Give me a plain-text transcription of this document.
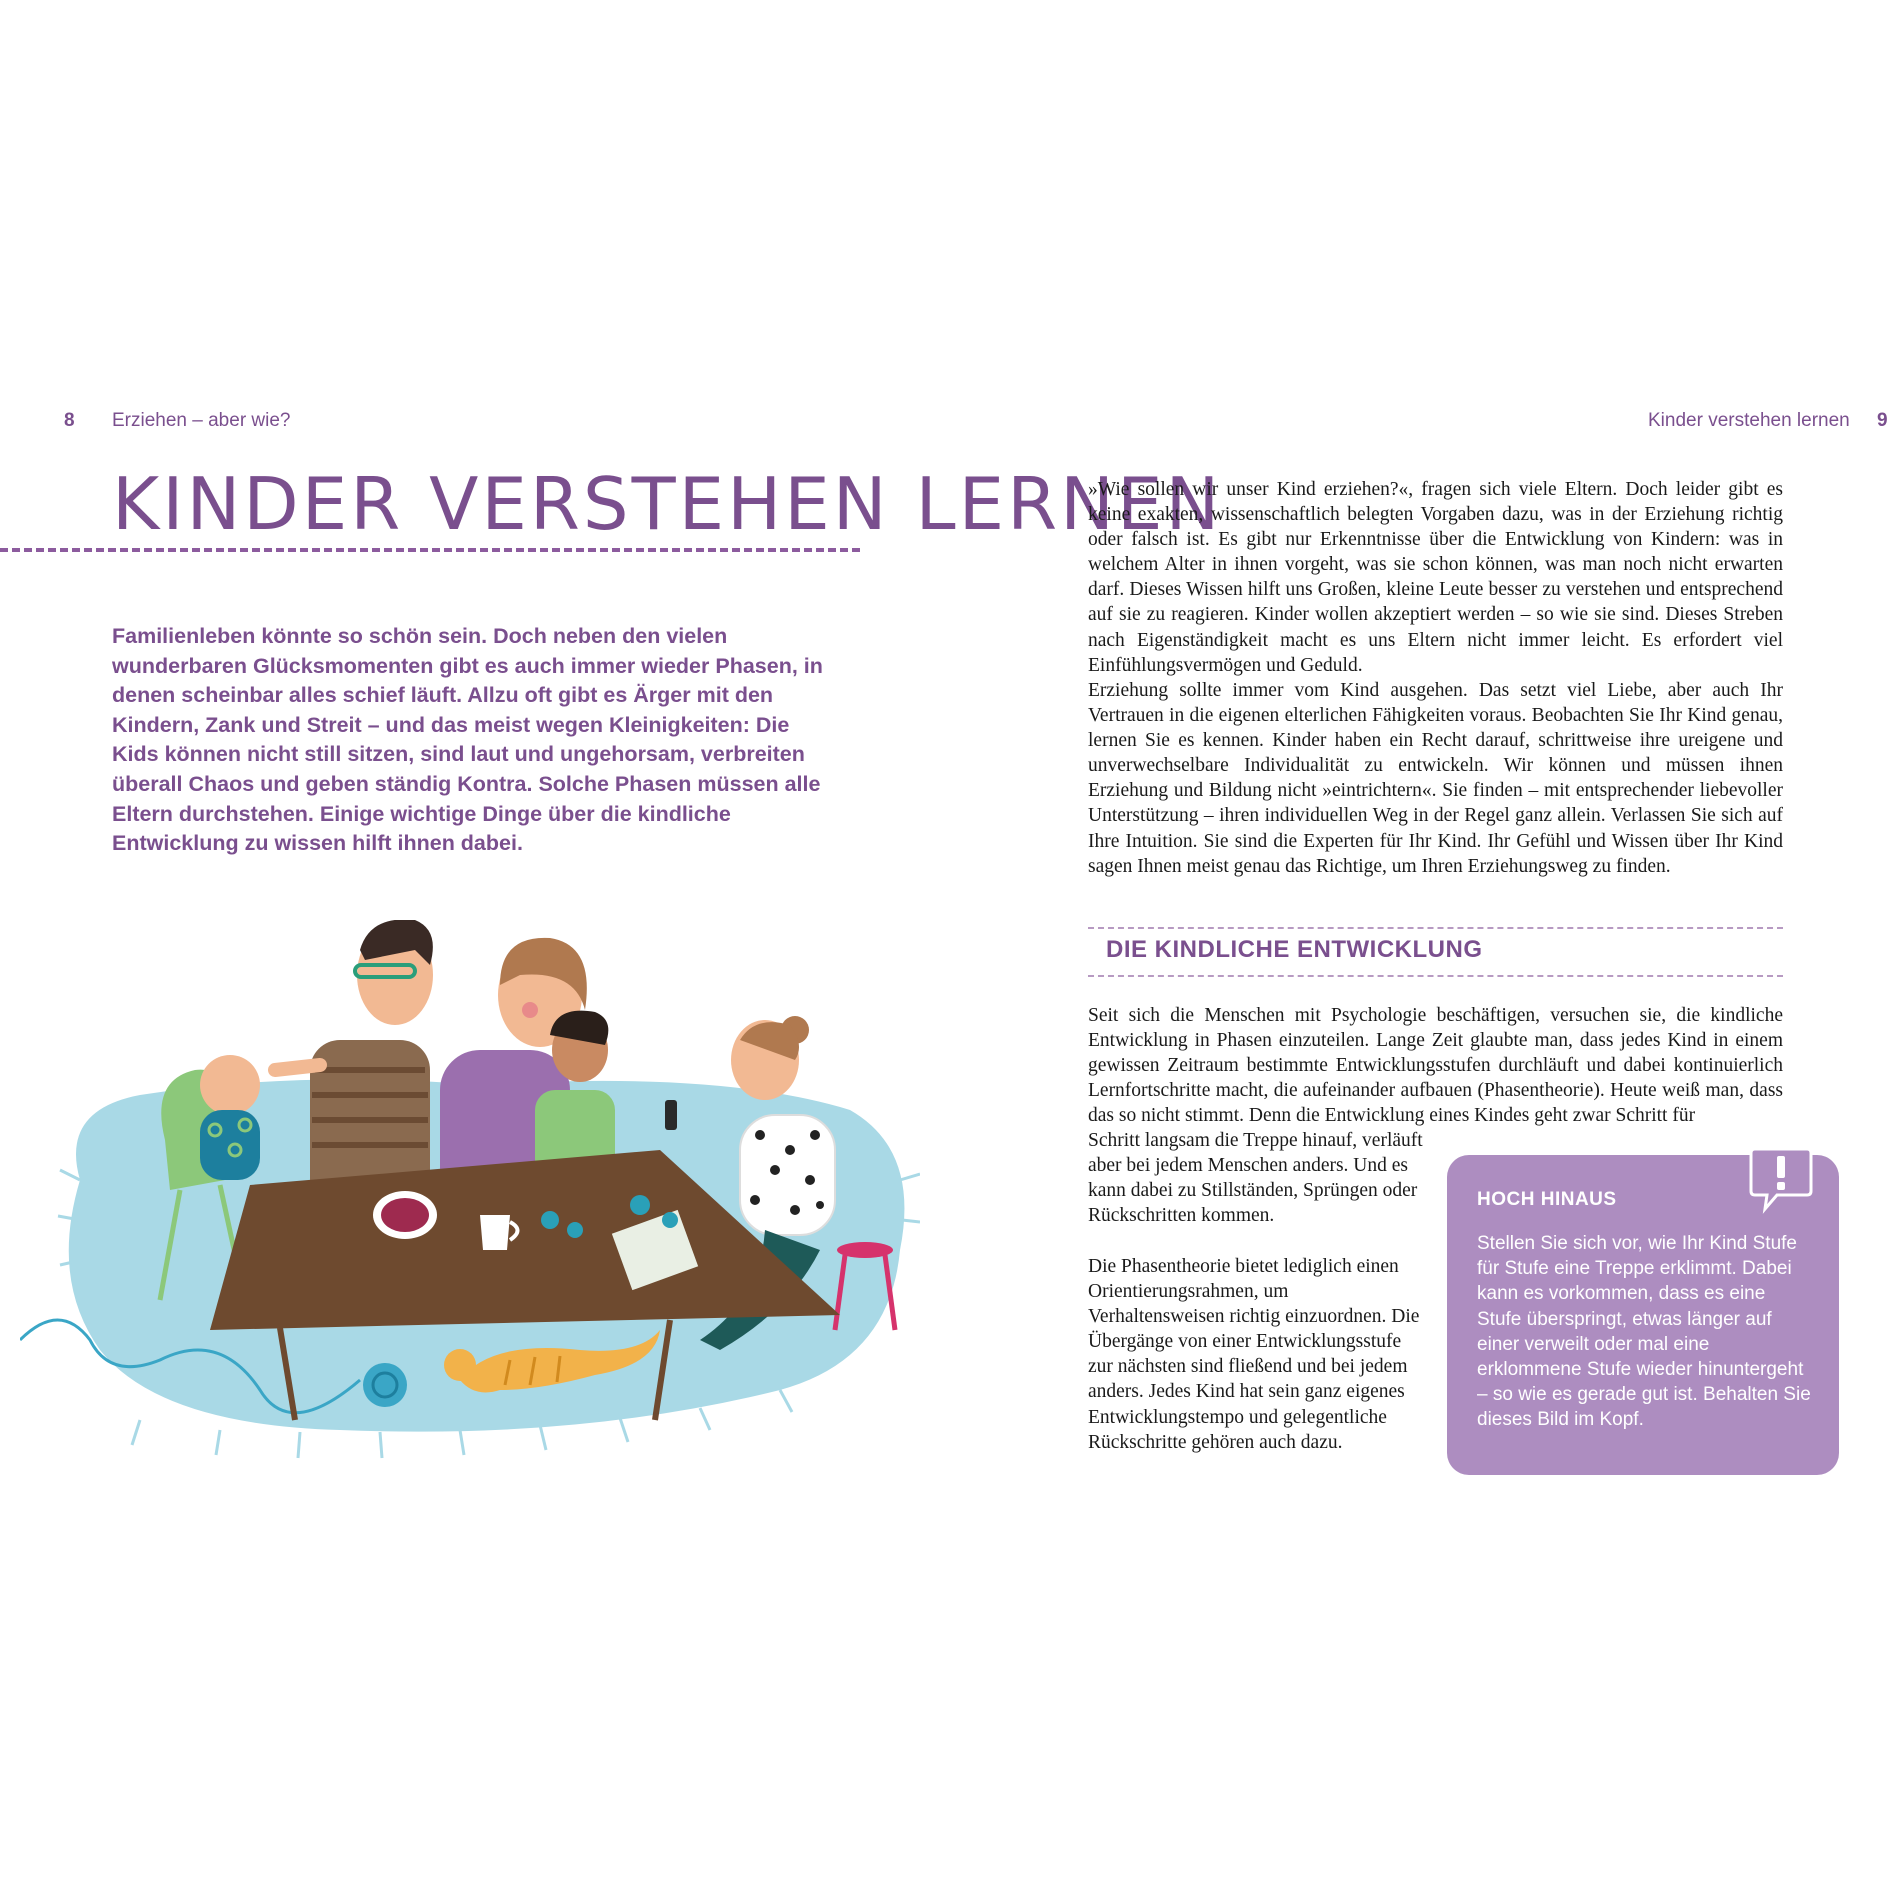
8 Erziehen – aber wie?
KINDER VERSTEHEN LERNEN

Familienleben könnte so schön sein. Doch neben den vielen wunderbaren Glücksmomenten gibt es auch immer wieder Phasen, in denen scheinbar alles schief läuft. Allzu oft gibt es Ärger mit den Kindern, Zank und Streit – und das meist wegen Kleinigkeiten: Die Kids können nicht still sitzen, sind laut und ungehorsam, verbreiten überall Chaos und geben ständig Kontra. Solche Phasen müssen alle Eltern durchstehen. Einige wichtige Dinge über die kindliche Entwicklung zu wissen hilft ihnen dabei.

Kinder verstehen lernen 9

»Wie sollen wir unser Kind erziehen?«, fragen sich viele Eltern. Doch leider gibt es keine exakten, wissenschaftlich belegten Vorgaben dazu, was in der Erziehung richtig oder falsch ist. Es gibt nur Erkenntnisse über die Entwicklung von Kindern: was in welchem Alter in ihnen vorgeht, was sie schon können, was man noch nicht erwarten darf. Dieses Wissen hilft uns Großen, kleine Leute besser zu verstehen und entsprechend auf sie zu reagieren. Kinder wollen akzeptiert werden – so wie sie sind. Dieses Streben nach Eigenständigkeit macht es uns Eltern nicht immer leicht. Es erfordert viel Einfühlungsvermögen und Geduld.

Erziehung sollte immer vom Kind ausgehen. Das setzt viel Liebe, aber auch Ihr Vertrauen in die eigenen elterlichen Fähigkeiten voraus. Beobachten Sie Ihr Kind genau, lernen Sie es kennen. Kinder haben ein Recht darauf, schrittweise ihre ureigene und unverwechselbare Individualität zu entwickeln. Wir können und müssen ihnen Erziehung und Bildung nicht »eintrichtern«. Sie finden – mit entsprechender liebevoller Unterstützung – ihren individuellen Weg in der Regel ganz allein. Verlassen Sie sich auf Ihre Intuition. Sie sind die Experten für Ihr Kind. Ihr Gefühl und Wissen über Ihr Kind sagen Ihnen meist genau das Richtige, um Ihren Erziehungsweg zu finden.

DIE KINDLICHE ENTWICKLUNG

Seit sich die Menschen mit Psychologie beschäftigen, versuchen sie, die kindliche Entwicklung in Phasen einzuteilen. Lange Zeit glaubte man, dass jedes Kind in einem gewissen Zeitraum bestimmte Entwicklungsstufen durchläuft und dabei kontinuierlich Lernfortschritte macht, die aufeinander aufbauen (Phasentheorie). Heute weiß man, dass das so nicht stimmt. Denn die Entwicklung eines Kindes geht zwar Schritt für

Schritt langsam die Treppe hinauf, verläuft aber bei jedem Menschen anders. Und es kann dabei zu Stillständen, Sprüngen oder Rückschritten kommen.

Die Phasentheorie bietet lediglich einen Orientierungsrahmen, um Verhaltensweisen richtig einzuordnen. Die Übergänge von einer Entwicklungsstufe zur nächsten sind fließend und bei jedem anders. Jedes Kind hat sein ganz eigenes Entwicklungstempo und gelegentliche Rückschritte gehören auch dazu.

HOCH HINAUS

Stellen Sie sich vor, wie Ihr Kind Stufe für Stufe eine Treppe erklimmt. Dabei kann es vorkommen, dass es eine Stufe überspringt, etwas länger auf einer verweilt oder mal eine erklommene Stufe wieder hinuntergeht – so wie es gerade gut ist. Behalten Sie dieses Bild im Kopf.
